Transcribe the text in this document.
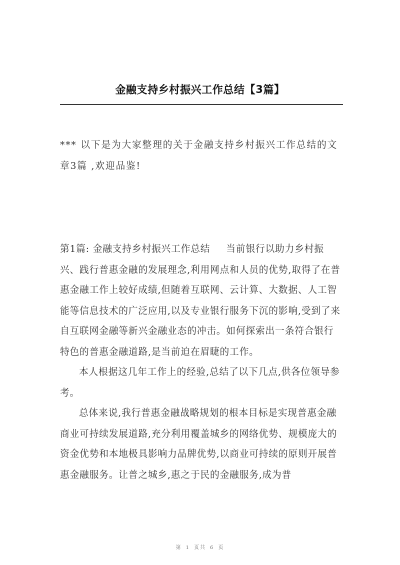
金融支持乡村振兴工作总结【3篇】

*** 以下是为大家整理的关于金融支持乡村振兴工作总结的文章3篇 ,欢迎品鉴!

第1篇: 金融支持乡村振兴工作总结 当前银行以助力乡村振兴、践行普惠金融的发展理念,利用网点和人员的优势,取得了在普惠金融工作上较好成绩,但随着互联网、云计算、大数据、人工智能等信息技术的广泛应用,以及专业银行服务下沉的影响,受到了来自互联网金融等新兴金融业态的冲击。如何探索出一条符合银行特色的普惠金融道路,是当前迫在眉睫的工作。

本人根据这几年工作上的经验,总结了以下几点,供各位领导参考。

总体来说,我行普惠金融战略规划的根本目标是实现普惠金融商业可持续发展道路,充分利用覆盖城乡的网络优势、规模庞大的资金优势和本地极具影响力品牌优势,以商业可持续的原则开展普惠金融服务。让普之城乡,惠之于民的金融服务,成为普

第 1 页共 6 页
